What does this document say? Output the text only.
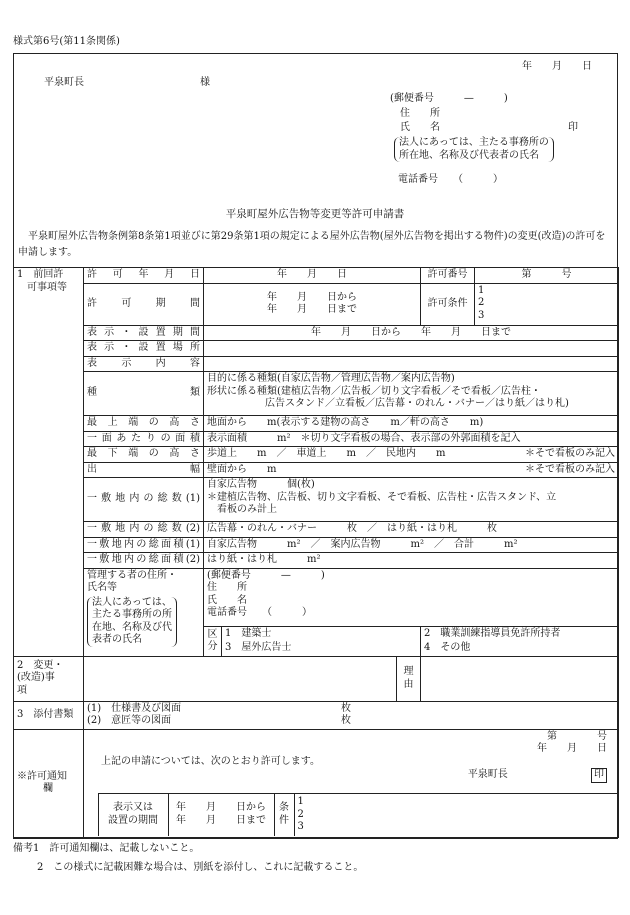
様式第6号(第11条関係)
年　　月　　日
平泉町長	様
(郵便番号　　　—　　　)
住　　所
氏　　名	印
法人にあっては、主たる事務所の
所在地、名称及び代表者の氏名
電話番号　　（　　　）
平泉町屋外広告物等変更等許可申請書
平泉町屋外広告物条例第8条第1項並びに第29条第1項の規定による屋外広告物(屋外広告物を掲出する物件)の変更(改造)の許可を申請します。
1　前回許
可事項等	許　可　年　月　日	年　　月　　日	許可番号	第　　　号
許　可　期　間	年　　月　　日から
年　　月　　日まで	許可条件	1
2
3
表示・設置期間	年　　月　　日から　　年　　月　　日まで
表示・設置場所	
表　示　内　容	
種　　　類	目的に係る種類(自家広告物／管理広告物／案内広告物)
形状に係る種類(建植広告物／広告板／切り文字看板／そで看板／広告柱・
広告スタンド／立看板／広告幕・のれん・バナー／はり紙／はり札)
最上端の高さ	地面から　　m(表示する建物の高さ　　m／軒の高さ　　m)
一面あたりの面積	表示面積　　　m²　＊切り文字看板の場合、表示部の外郭面積を記入
最下端の高さ	歩道上　　m　／　車道上　　m　／　民地内　　m	＊そで看板のみ記入

出　　　幅	壁面から　　m	＊そで看板のみ記入

一敷地内の総数(1)	自家広告物　　　個(枚)
＊建植広告物、広告板、切り文字看板、そで看板、広告柱・広告スタンド、立
看板のみ計上
一敷地内の総数(2)	広告幕・のれん・バナー　　　枚　／　はり紙・はり札　　　枚
一敷地内の総面積(1)	自家広告物　　　m²　／　案内広告物　　　m²　／　合計　　　m²
一敷地内の総面積(2)	はり紙・はり札　　　m²
管理する者の住所・
氏名等
法人にあっては、
主たる事務所の所
在地、名称及び代
表者の氏名	(郵便番号　　　—　　　)
住　　所
氏　　名
電話番号　　（　　　）
区分	1　建築士	2　職業訓練指導員免許所持者
3　屋外広告士	4　その他
2　変更・
(改造)事
項		理
由	
3　添付書類	
(1)　仕様書及び図面	枚
(2)　意匠等の図面	枚

※許可通知
欄	
第　　　　号
年　　月　　日
上記の申請については、次のとおり許可します。
平泉町長	印

	表示又は
設置の期間	年　　月　　日から
年　　月　　日まで	条
件	1
2
3
備考1　許可通知欄は、記載しないこと。
2　この様式に記載困難な場合は、別紙を添付し、これに記載すること。
